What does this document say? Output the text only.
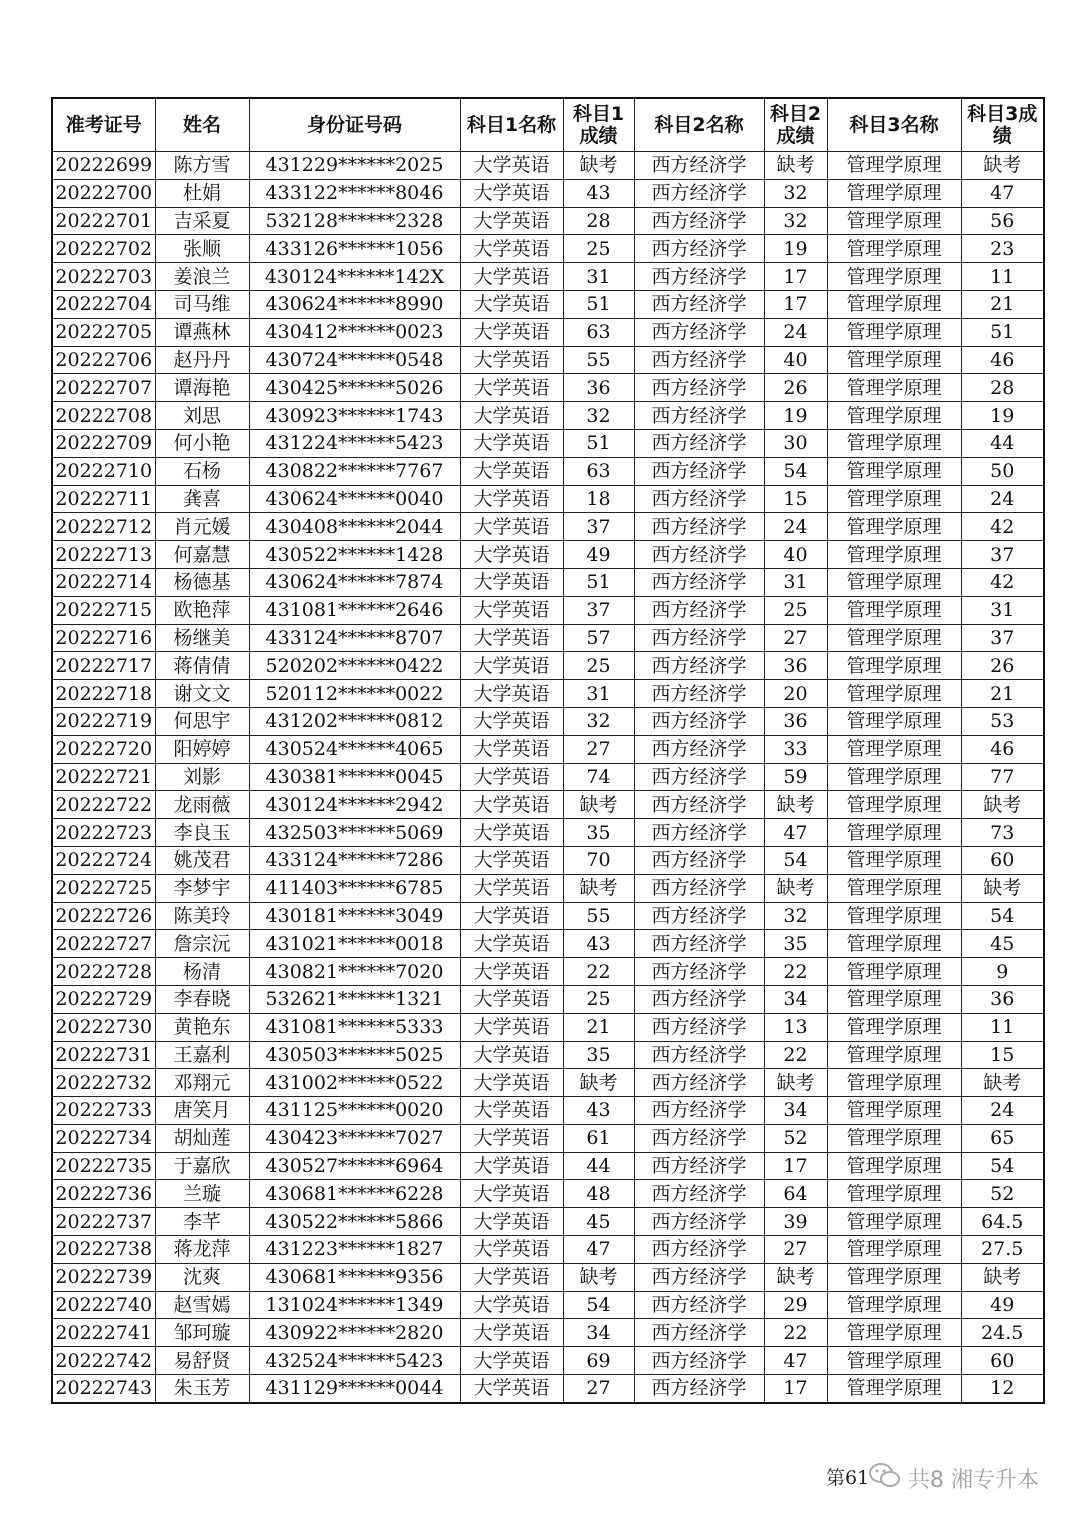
准考证号	姓名	身份证号码	科目1名称	科目1成绩	科目2名称	科目2成绩	科目3名称	科目3成绩
20222699	陈方雪	431229******2025	大学英语	缺考	西方经济学	缺考	管理学原理	缺考
20222700	杜娟	433122******8046	大学英语	43	西方经济学	32	管理学原理	47
20222701	吉采夏	532128******2328	大学英语	28	西方经济学	32	管理学原理	56
20222702	张顺	433126******1056	大学英语	25	西方经济学	19	管理学原理	23
20222703	姜浪兰	430124******142X	大学英语	31	西方经济学	17	管理学原理	11
20222704	司马维	430624******8990	大学英语	51	西方经济学	17	管理学原理	21
20222705	谭燕林	430412******0023	大学英语	63	西方经济学	24	管理学原理	51
20222706	赵丹丹	430724******0548	大学英语	55	西方经济学	40	管理学原理	46
20222707	谭海艳	430425******5026	大学英语	36	西方经济学	26	管理学原理	28
20222708	刘思	430923******1743	大学英语	32	西方经济学	19	管理学原理	19
20222709	何小艳	431224******5423	大学英语	51	西方经济学	30	管理学原理	44
20222710	石杨	430822******7767	大学英语	63	西方经济学	54	管理学原理	50
20222711	龚喜	430624******0040	大学英语	18	西方经济学	15	管理学原理	24
20222712	肖元媛	430408******2044	大学英语	37	西方经济学	24	管理学原理	42
20222713	何嘉慧	430522******1428	大学英语	49	西方经济学	40	管理学原理	37
20222714	杨德基	430624******7874	大学英语	51	西方经济学	31	管理学原理	42
20222715	欧艳萍	431081******2646	大学英语	37	西方经济学	25	管理学原理	31
20222716	杨继美	433124******8707	大学英语	57	西方经济学	27	管理学原理	37
20222717	蒋倩倩	520202******0422	大学英语	25	西方经济学	36	管理学原理	26
20222718	谢文文	520112******0022	大学英语	31	西方经济学	20	管理学原理	21
20222719	何思宇	431202******0812	大学英语	32	西方经济学	36	管理学原理	53
20222720	阳婷婷	430524******4065	大学英语	27	西方经济学	33	管理学原理	46
20222721	刘影	430381******0045	大学英语	74	西方经济学	59	管理学原理	77
20222722	龙雨薇	430124******2942	大学英语	缺考	西方经济学	缺考	管理学原理	缺考
20222723	李良玉	432503******5069	大学英语	35	西方经济学	47	管理学原理	73
20222724	姚茂君	433124******7286	大学英语	70	西方经济学	54	管理学原理	60
20222725	李梦宇	411403******6785	大学英语	缺考	西方经济学	缺考	管理学原理	缺考
20222726	陈美玲	430181******3049	大学英语	55	西方经济学	32	管理学原理	54
20222727	詹宗沅	431021******0018	大学英语	43	西方经济学	35	管理学原理	45
20222728	杨清	430821******7020	大学英语	22	西方经济学	22	管理学原理	9
20222729	李春晓	532621******1321	大学英语	25	西方经济学	34	管理学原理	36
20222730	黄艳东	431081******5333	大学英语	21	西方经济学	13	管理学原理	11
20222731	王嘉利	430503******5025	大学英语	35	西方经济学	22	管理学原理	15
20222732	邓翔元	431002******0522	大学英语	缺考	西方经济学	缺考	管理学原理	缺考
20222733	唐笑月	431125******0020	大学英语	43	西方经济学	34	管理学原理	24
20222734	胡灿莲	430423******7027	大学英语	61	西方经济学	52	管理学原理	65
20222735	于嘉欣	430527******6964	大学英语	44	西方经济学	17	管理学原理	54
20222736	兰璇	430681******6228	大学英语	48	西方经济学	64	管理学原理	52
20222737	李芊	430522******5866	大学英语	45	西方经济学	39	管理学原理	64.5
20222738	蒋龙萍	431223******1827	大学英语	47	西方经济学	27	管理学原理	27.5
20222739	沈爽	430681******9356	大学英语	缺考	西方经济学	缺考	管理学原理	缺考
20222740	赵雪嫣	131024******1349	大学英语	54	西方经济学	29	管理学原理	49
20222741	邹珂璇	430922******2820	大学英语	34	西方经济学	22	管理学原理	24.5
20222742	易舒贤	432524******5423	大学英语	69	西方经济学	47	管理学原理	60
20222743	朱玉芳	431129******0044	大学英语	27	西方经济学	17	管理学原理	12
第61 共8 湘专升本
